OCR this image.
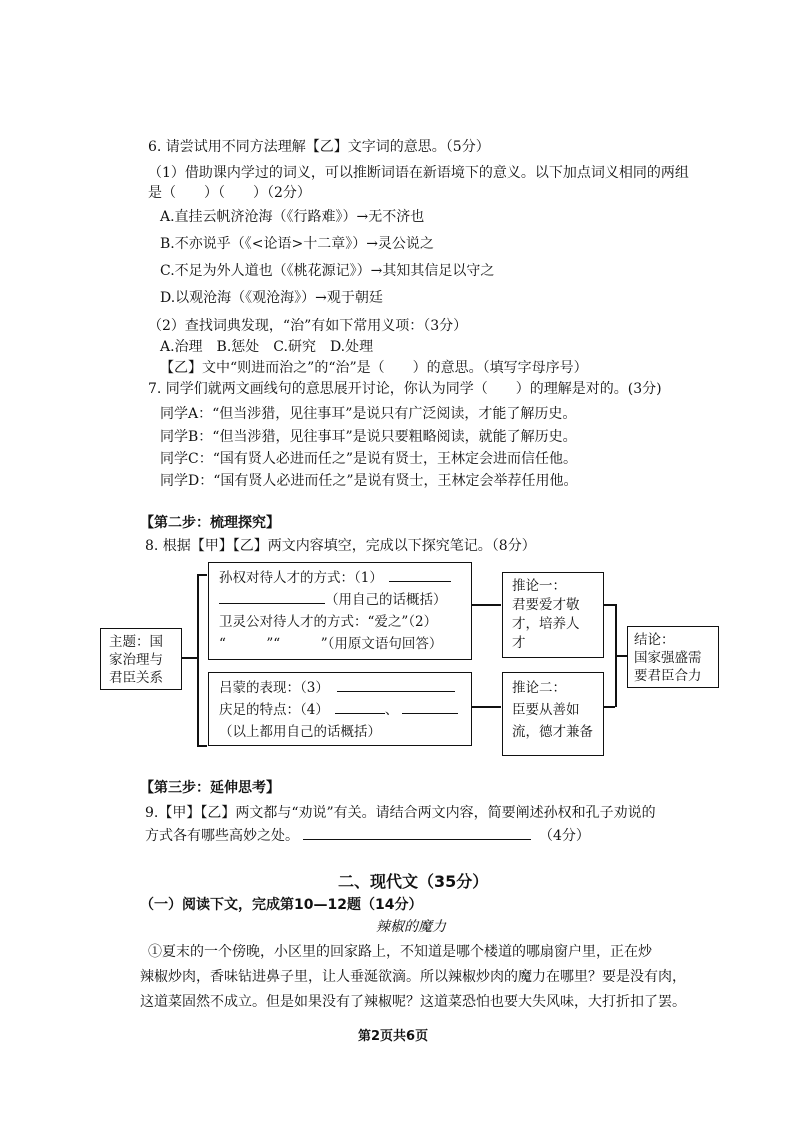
6. 请尝试用不同方法理解【乙】文字词的意思。（5分）
（1）借助课内学过的词义，可以推断词语在新语境下的意义。以下加点词义相同的两组
是（　　）（　　）（2分）
A.直挂云帆济沧海（《行路难》）→无不济也
B.不亦说乎（《<论语>十二章》）→灵公说之
C.不足为外人道也（《桃花源记》）→其知其信足以守之
D.以观沧海（《观沧海》）→观于朝廷
（2）查找词典发现，“治”有如下常用义项：（3分）
A.治理　B.惩处　C.研究　D.处理
【乙】文中“则进而治之”的“治”是（　　）的意思。（填写字母序号）
7. 同学们就两文画线句的意思展开讨论，你认为同学（　　）的理解是对的。(3分)
同学A：“但当涉猎，见往事耳”是说只有广泛阅读，才能了解历史。
同学B：“但当涉猎，见往事耳”是说只要粗略阅读，就能了解历史。
同学C：“国有贤人必进而任之”是说有贤士，王林定会进而信任他。
同学D：“国有贤人必进而任之”是说有贤士，王林定会举荐任用他。
【第二步：梳理探究】
8. 根据【甲】【乙】两文内容填空，完成以下探究笔记。（8分）
主题：国
家治理与
君臣关系
孙权对待人才的方式：（1）
（用自己的话概括）
卫灵公对待人才的方式：“爱之”（2）
“　　　”“　　　”（用原文语句回答）
吕蒙的表现：（3）
庆足的特点：（4）	、
（以上都用自己的话概括）
推论一：
君要爱才敬
才，培养人
才
推论二：
臣要从善如
流，德才兼备
结论：
国家强盛需
要君臣合力
【第三步：延伸思考】
9.【甲】【乙】两文都与“劝说”有关。请结合两文内容，简要阐述孙权和孔子劝说的
方式各有哪些高妙之处。	（4分）
二、现代文（35分）
（一）阅读下文，完成第10—12题（14分）
辣椒的魔力
①夏末的一个傍晚，小区里的回家路上，不知道是哪个楼道的哪扇窗户里，正在炒
辣椒炒肉，香味钻进鼻子里，让人垂涎欲滴。所以辣椒炒肉的魔力在哪里？要是没有肉，
这道菜固然不成立。但是如果没有了辣椒呢？这道菜恐怕也要大失风味，大打折扣了罢。
第2页共6页
